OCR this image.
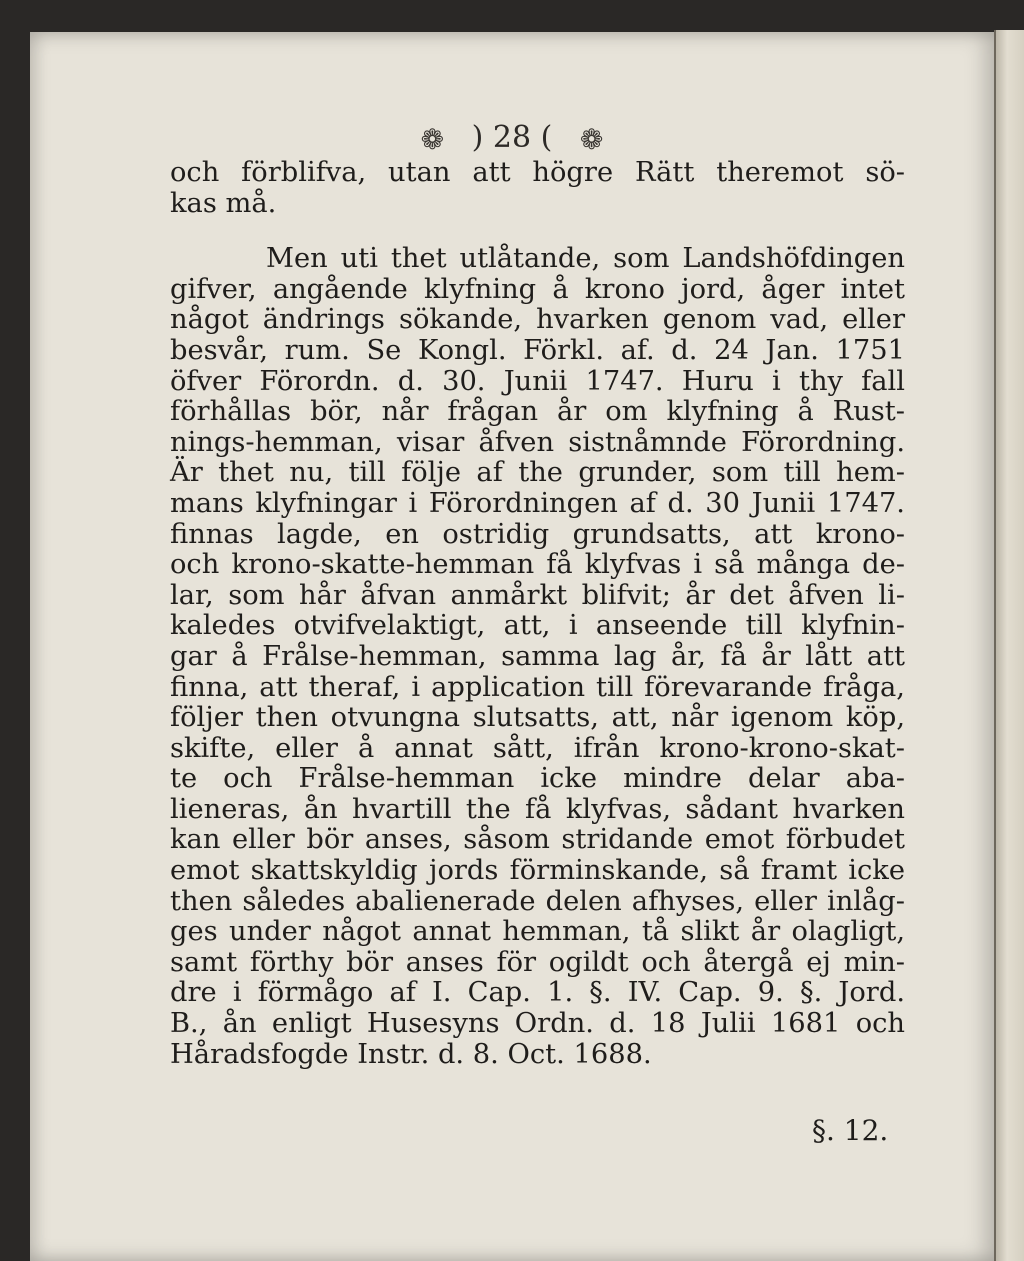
❁ ) 28 ( ❁
och förblifva, utan att högre Rätt theremot sö-
kas må.
Men uti thet utlåtande, som Landshöfdingen
gifver, angående klyfning å krono jord, åger intet
något ändrings sökande, hvarken genom vad, eller
besvår, rum. Se Kongl. Förkl. af. d. 24 Jan. 1751
öfver Förordn. d. 30. Junii 1747. Huru i thy fall
förhållas bör, når frågan år om klyfning å Rust-
nings-hemman, visar åfven sistnåmnde Förordning.
Är thet nu, till följe af the grunder, som till hem-
mans klyfningar i Förordningen af d. 30 Junii 1747.
finnas lagde, en ostridig grundsatts, att krono-
och krono-skatte-hemman få klyfvas i så många de-
lar, som hår åfvan anmårkt blifvit; år det åfven li-
kaledes otvifvelaktigt, att, i anseende till klyfnin-
gar å Frålse-hemman, samma lag år, få år lått att
finna, att theraf, i application till förevarande fråga,
följer then otvungna slutsatts, att, når igenom köp,
skifte, eller å annat sått, ifrån krono-krono-skat-
te och Frålse-hemman icke mindre delar aba-
lieneras, ån hvartill the få klyfvas, sådant hvarken
kan eller bör anses, såsom stridande emot förbudet
emot skattskyldig jords förminskande, så framt icke
then således abalienerade delen afhyses, eller inlåg-
ges under något annat hemman, tå slikt år olagligt,
samt förthy bör anses för ogildt och återgå ej min-
dre i förmågo af I. Cap. 1. §. IV. Cap. 9. §. Jord.
B., ån enligt Husesyns Ordn. d. 18 Julii 1681 och
Håradsfogde Instr. d. 8. Oct. 1688.
§. 12.
